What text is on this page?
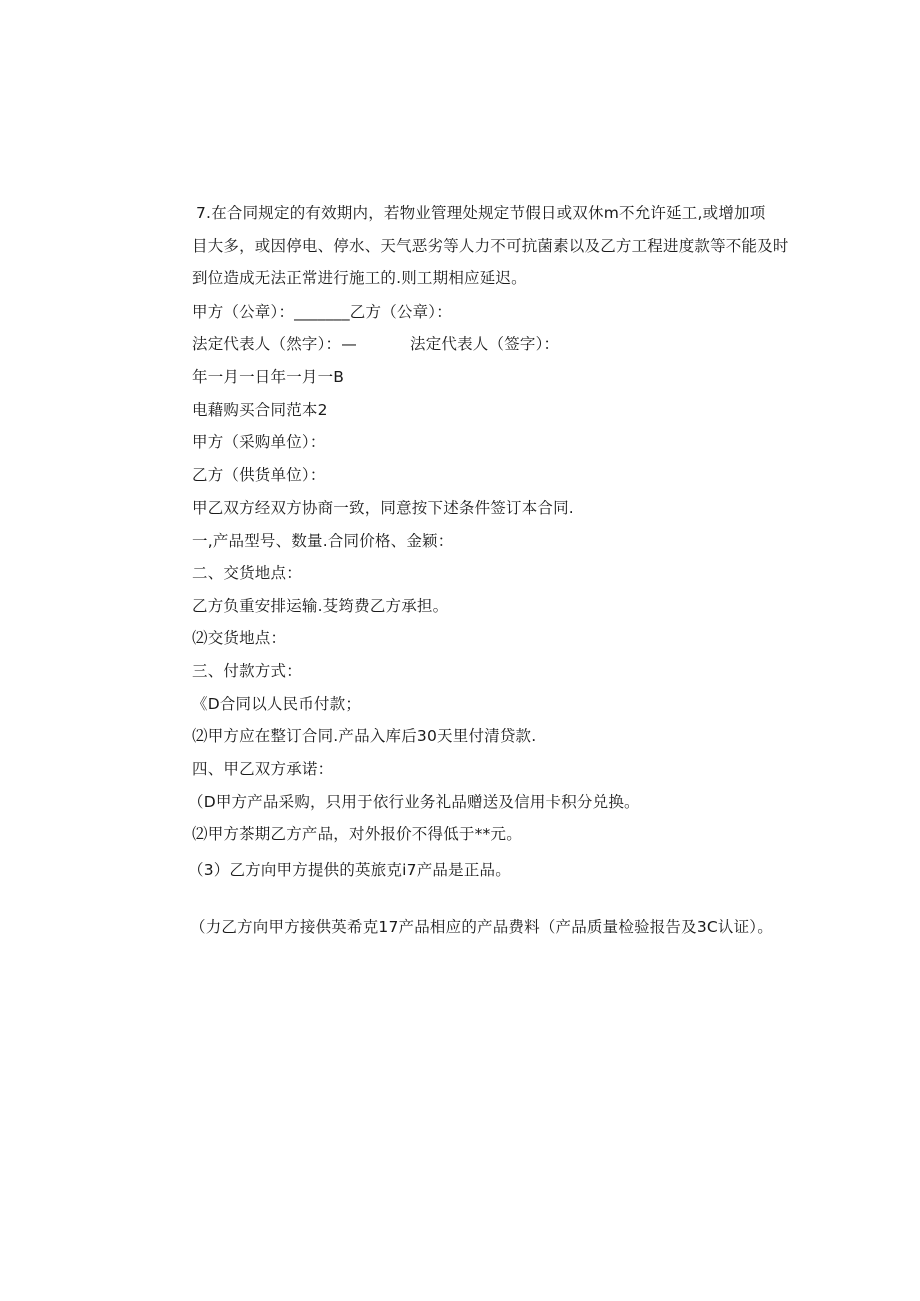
7.在合同规定的有效期内，若物业管理处规定节假日或双休m不允许延工,或增加项
目大多，或因停电、停水、天气恶劣等人力不可抗菌素以及乙方工程进度款等不能及时
到位造成无法正常进行施工的.则工期相应延迟。
甲方（公章）：_______乙方（公章）：
法定代表人（然字）：—	法定代表人（签字）：
年一月一日年一月一B
电藉购买合同范本2
甲方（采购单位）：
乙方（供货单位）：
甲乙双方经双方协商一致，同意按下述条件签订本合同.
一,产品型号、数量.合同价格、金颖：
二、交货地点：
乙方负重安排运输.芟筠费乙方承担。
⑵交货地点：
三、付款方式：
《D合同以人民币付款；
⑵甲方应在整订合同.产品入库后30天里付清贷款.
四、甲乙双方承诺：
（D甲方产品采购，只用于依行业务礼品赠送及信用卡积分兑换。
⑵甲方茶期乙方产品，对外报价不得低于**元。
（3）乙方向甲方提供的英旅克i7产品是正品。
（力乙方向甲方接供英希克17产品相应的产品费料（产品质量检验报告及3C认证）。
